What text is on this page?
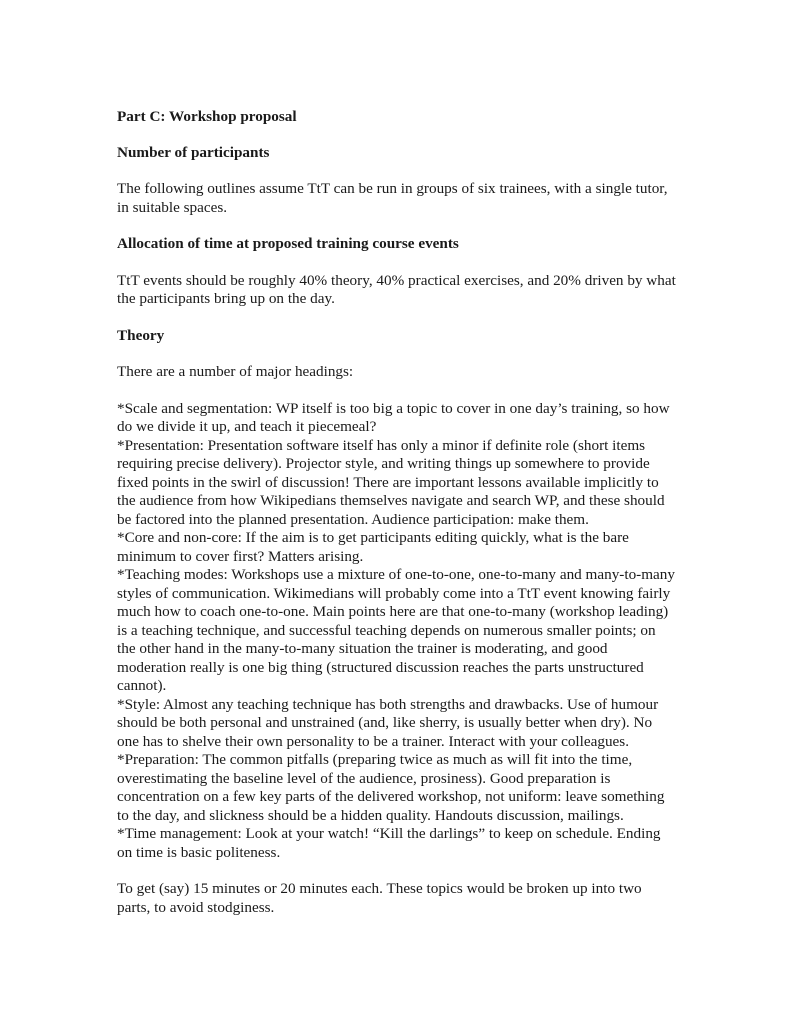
Part C: Workshop proposal
Number of participants

The following outlines assume TtT can be run in groups of six trainees, with a single tutor, in suitable spaces.

Allocation of time at proposed training course events

TtT events should be roughly 40% theory, 40% practical exercises, and 20% driven by what the participants bring up on the day.

Theory

There are a number of major headings:

*Scale and segmentation: WP itself is too big a topic to cover in one day’s training, so how do we divide it up, and teach it piecemeal?

*Presentation: Presentation software itself has only a minor if definite role (short items requiring precise delivery). Projector style, and writing things up somewhere to provide fixed points in the swirl of discussion! There are important lessons available implicitly to the audience from how Wikipedians themselves navigate and search WP, and these should be factored into the planned presentation. Audience participation: make them.

*Core and non-core: If the aim is to get participants editing quickly, what is the bare minimum to cover first? Matters arising.

*Teaching modes: Workshops use a mixture of one-to-one, one-to-many and many-to-many styles of communication. Wikimedians will probably come into a TtT event knowing fairly much how to coach one-to-one. Main points here are that one-to-many (workshop leading) is a teaching technique, and successful teaching depends on numerous smaller points; on the other hand in the many-to-many situation the trainer is moderating, and good moderation really is one big thing (structured discussion reaches the parts unstructured cannot).

*Style: Almost any teaching technique has both strengths and drawbacks. Use of humour should be both personal and unstrained (and, like sherry, is usually better when dry). No one has to shelve their own personality to be a trainer. Interact with your colleagues.

*Preparation: The common pitfalls (preparing twice as much as will fit into the time, overestimating the baseline level of the audience, prosiness). Good preparation is concentration on a few key parts of the delivered workshop, not uniform: leave something to the day, and slickness should be a hidden quality. Handouts discussion, mailings.

*Time management: Look at your watch! “Kill the darlings” to keep on schedule. Ending on time is basic politeness.

To get (say) 15 minutes or 20 minutes each. These topics would be broken up into two parts, to avoid stodginess.
